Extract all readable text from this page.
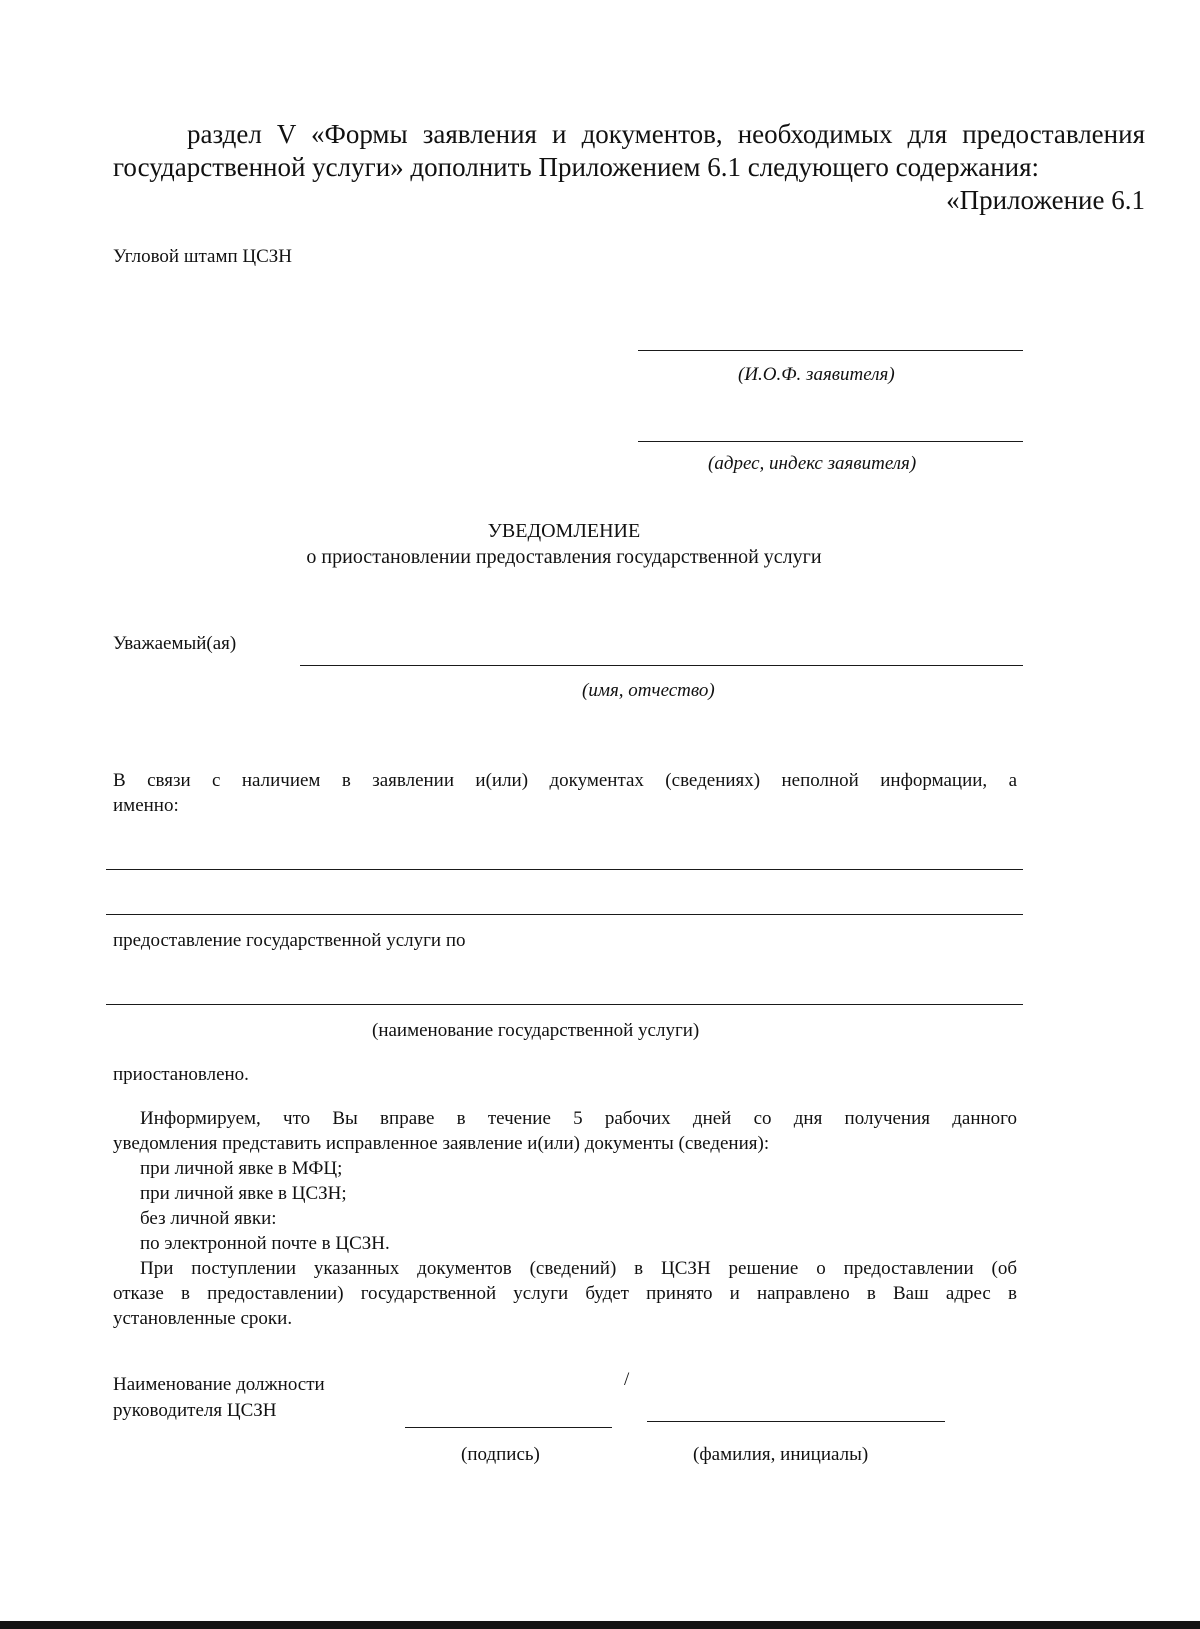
раздел V «Формы заявления и документов, необходимых для предоставления
государственной услуги» дополнить Приложением 6.1 следующего содержания:
«Приложение 6.1
Угловой штамп ЦСЗН
(И.О.Ф. заявителя)
(адрес, индекс заявителя)
УВЕДОМЛЕНИЕ
о приостановлении предоставления государственной услуги
Уважаемый(ая)
(имя, отчество)
В связи с наличием в заявлении и(или) документах (сведениях) неполной информации, а
именно:
предоставление государственной услуги по
(наименование государственной услуги)
приостановлено.
Информируем, что Вы вправе в течение 5 рабочих дней со дня получения данного
уведомления представить исправленное заявление и(или) документы (сведения):
при личной явке в МФЦ;
при личной явке в ЦСЗН;
без личной явки:
по электронной почте в ЦСЗН.
При поступлении указанных документов (сведений) в ЦСЗН решение о предоставлении (об
отказе в предоставлении) государственной услуги будет принято и направлено в Ваш адрес в
установленные сроки.
Наименование должности
руководителя ЦСЗН
/
(подпись)	(фамилия, инициалы)
